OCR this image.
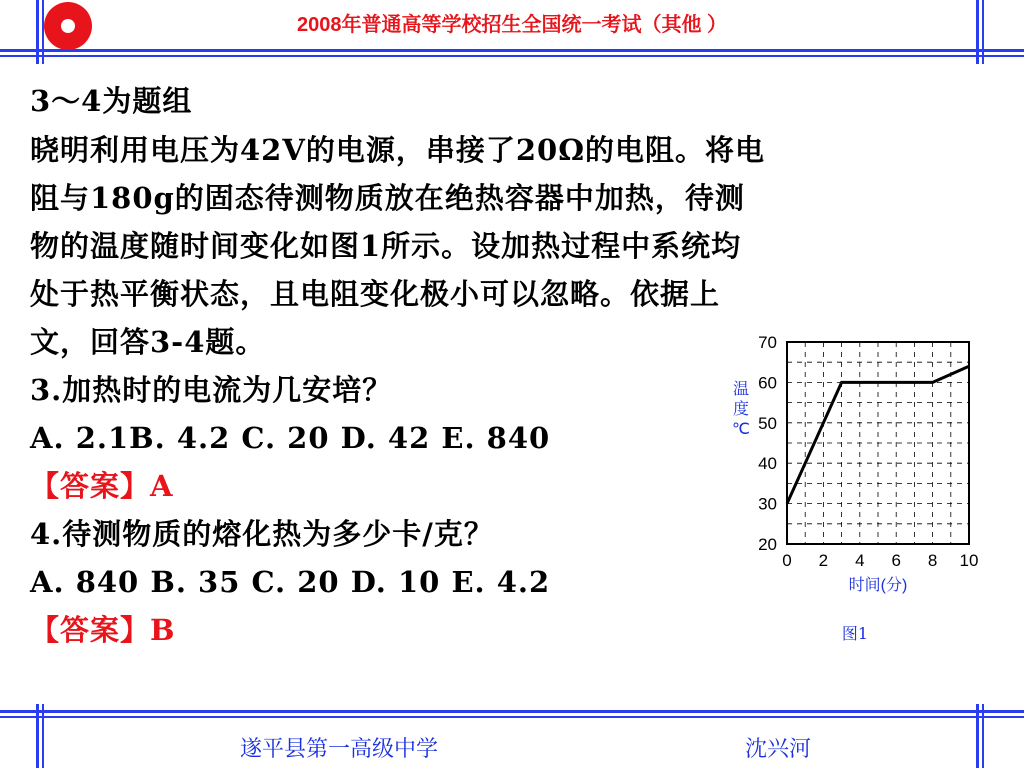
2008年普通高等学校招生全国统一考试（其他 ）
3～4为题组
晓明利用电压为42V的电源，串接了20Ω的电阻。将电
阻与180g的固态待测物质放在绝热容器中加热，待测
物的温度随时间变化如图1所示。设加热过程中系统均
处于热平衡状态，且电阻变化极小可以忽略。依据上
文，回答3-4题。
3.加热时的电流为几安培？
A. 2.1B. 4.2 C. 20 D. 42 E. 840
【答案】A
4.待测物质的熔化热为多少卡/克？
A. 840 B. 35 C. 20 D. 10 E. 4.2
【答案】B
70
60
50
40
30
20
0 2 4 6 8 10
时间(分)
温度℃
图1
遂平县第一高级中学	沈兴河
